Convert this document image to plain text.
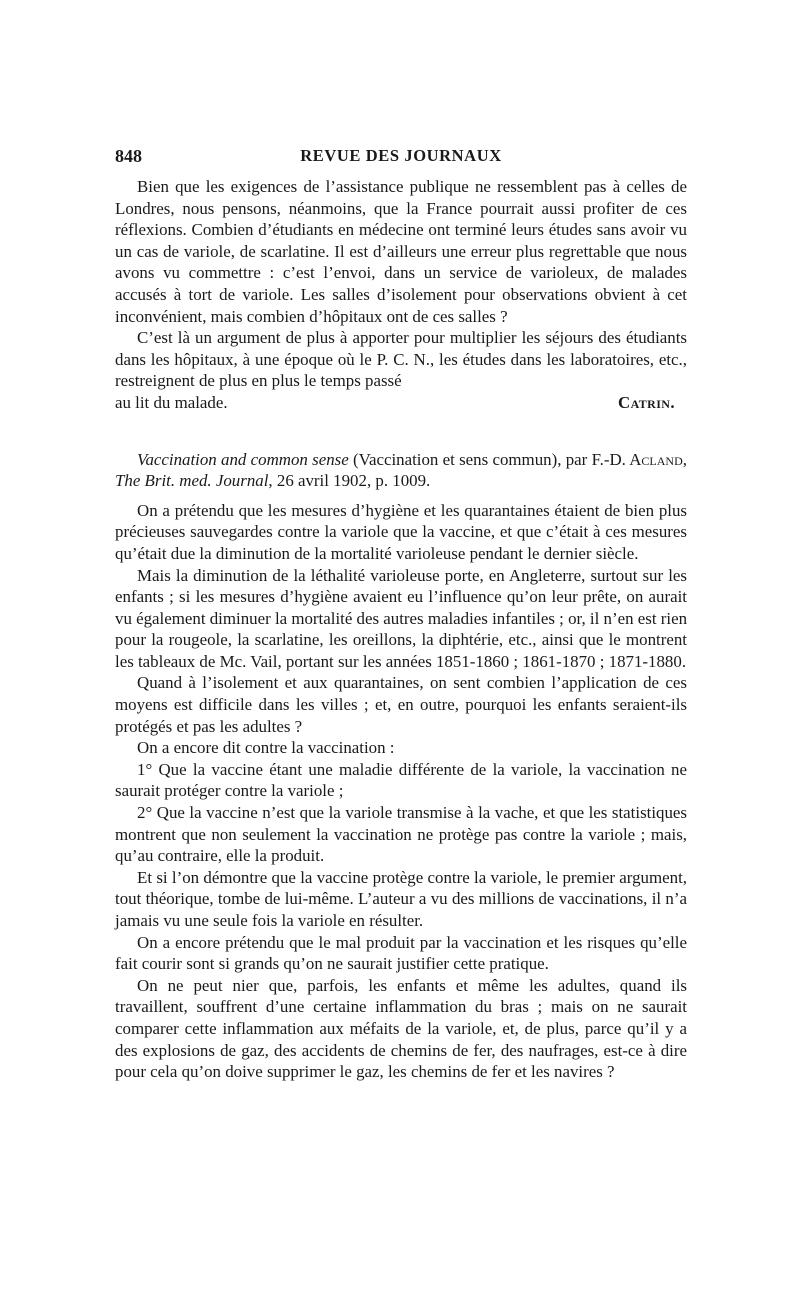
848	REVUE DES JOURNAUX

Bien que les exigences de l’assistance publique ne ressemblent pas à celles de Londres, nous pensons, néanmoins, que la France pourrait aussi profiter de ces réflexions. Combien d’étudiants en médecine ont terminé leurs études sans avoir vu un cas de variole, de scarlatine. Il est d’ailleurs une erreur plus regrettable que nous avons vu commettre : c’est l’envoi, dans un service de varioleux, de malades accusés à tort de variole. Les salles d’isolement pour observations obvient à cet inconvénient, mais combien d’hôpitaux ont de ces salles ?

C’est là un argument de plus à apporter pour multiplier les séjours des étudiants dans les hôpitaux, à une époque où le P. C. N., les études dans les laboratoires, etc., restreignent de plus en plus le temps passé

au lit du malade.	Catrin.

Vaccination and common sense (Vaccination et sens commun), par F.-D. Acland, The Brit. med. Journal, 26 avril 1902, p. 1009.

On a prétendu que les mesures d’hygiène et les quarantaines étaient de bien plus précieuses sauvegardes contre la variole que la vaccine, et que c’était à ces mesures qu’était due la diminution de la mortalité varioleuse pendant le dernier siècle.

Mais la diminution de la léthalité varioleuse porte, en Angleterre, surtout sur les enfants ; si les mesures d’hygiène avaient eu l’influence qu’on leur prête, on aurait vu également diminuer la mortalité des autres maladies infantiles ; or, il n’en est rien pour la rougeole, la scarlatine, les oreillons, la diphtérie, etc., ainsi que le montrent les tableaux de Mc. Vail, portant sur les années 1851-1860 ; 1861-1870 ; 1871-1880.

Quand à l’isolement et aux quarantaines, on sent combien l’application de ces moyens est difficile dans les villes ; et, en outre, pourquoi les enfants seraient-ils protégés et pas les adultes ?

On a encore dit contre la vaccination :

1° Que la vaccine étant une maladie différente de la variole, la vaccination ne saurait protéger contre la variole ;

2° Que la vaccine n’est que la variole transmise à la vache, et que les statistiques montrent que non seulement la vaccination ne protège pas contre la variole ; mais, qu’au contraire, elle la produit.

Et si l’on démontre que la vaccine protège contre la variole, le premier argument, tout théorique, tombe de lui-même. L’auteur a vu des millions de vaccinations, il n’a jamais vu une seule fois la variole en résulter.

On a encore prétendu que le mal produit par la vaccination et les risques qu’elle fait courir sont si grands qu’on ne saurait justifier cette pratique.

On ne peut nier que, parfois, les enfants et même les adultes, quand ils travaillent, souffrent d’une certaine inflammation du bras ; mais on ne saurait comparer cette inflammation aux méfaits de la variole, et, de plus, parce qu’il y a des explosions de gaz, des accidents de chemins de fer, des naufrages, est-ce à dire pour cela qu’on doive supprimer le gaz, les chemins de fer et les navires ?
